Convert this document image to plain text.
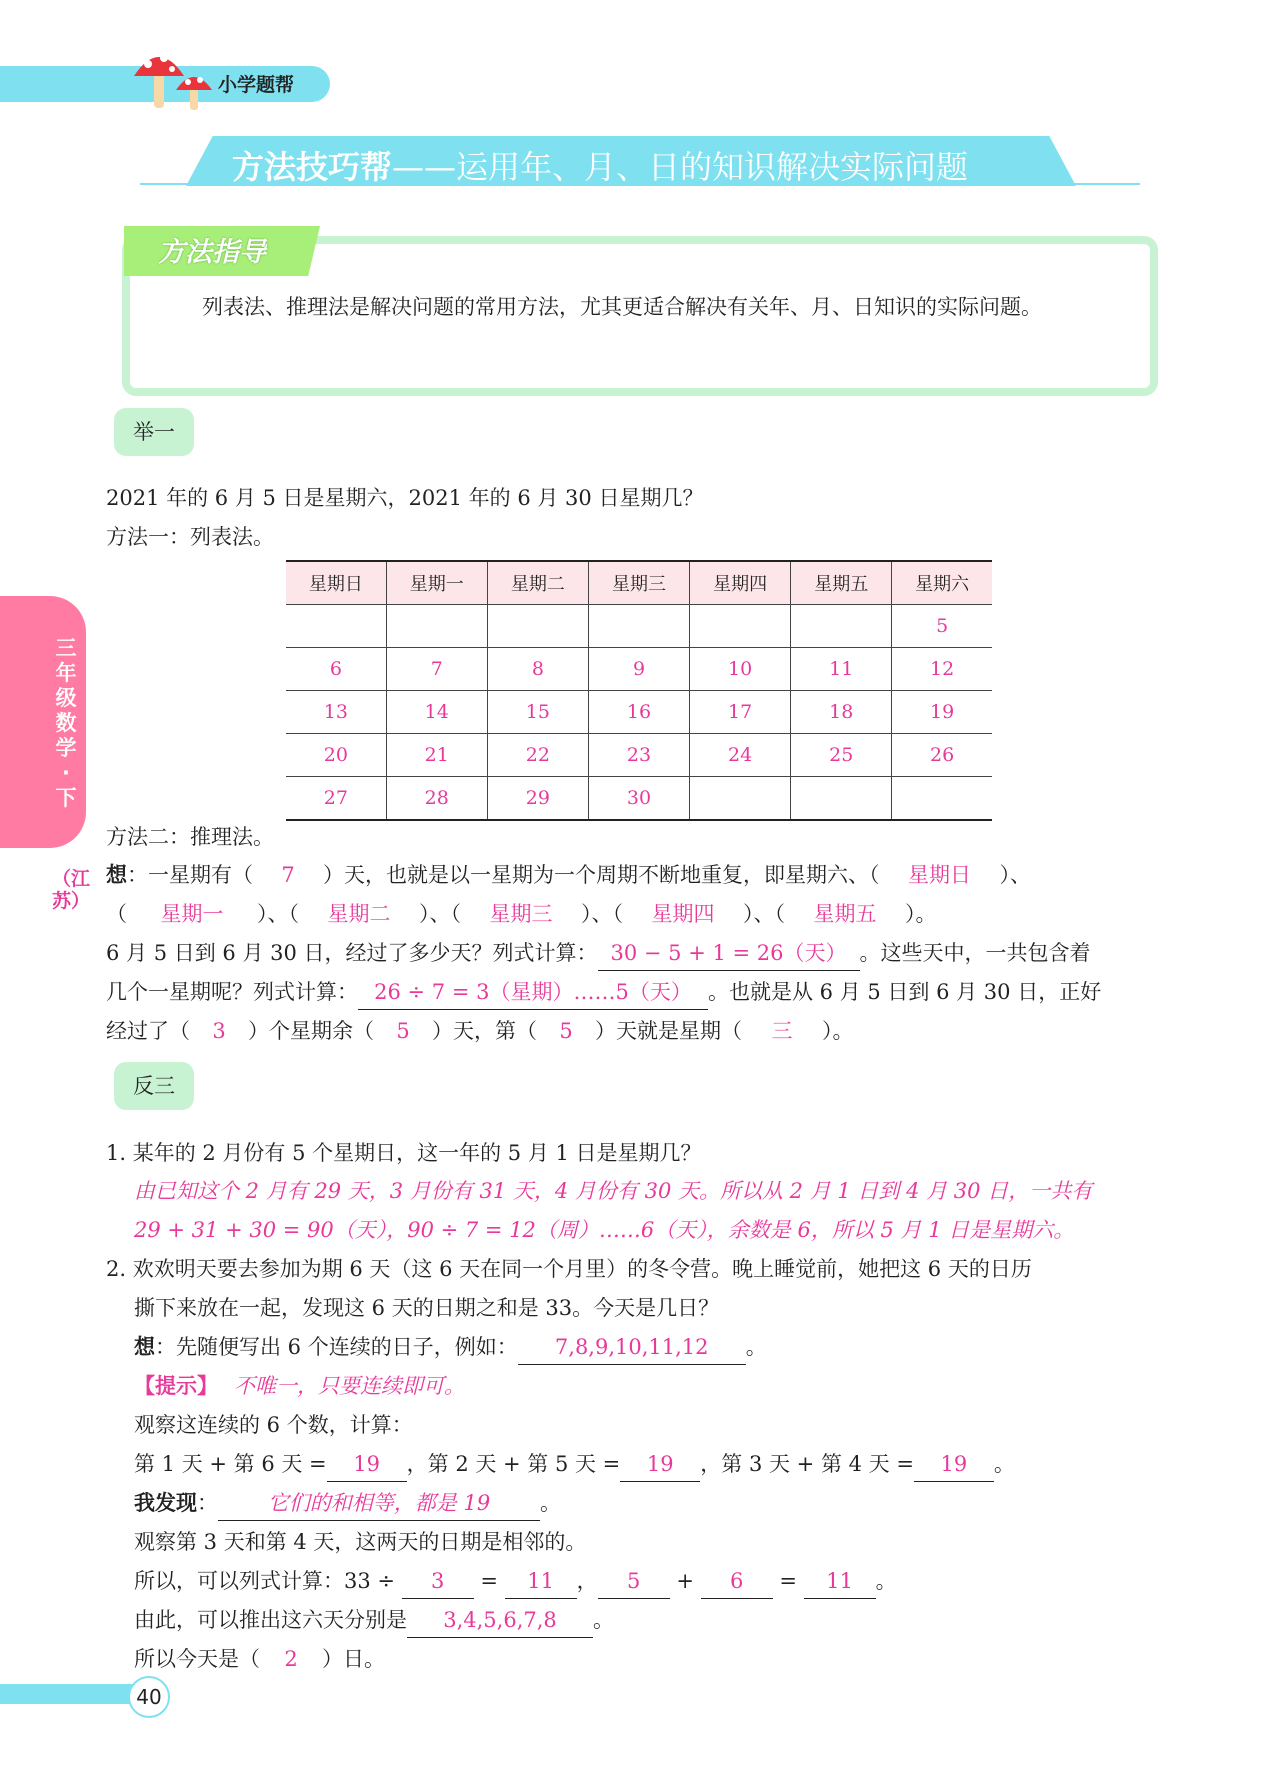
小学题帮
方法技巧帮——运用年、月、日的知识解决实际问题
方法指导
列表法、推理法是解决问题的常用方法，尤其更适合解决有关年、月、日知识的实际问题。
举一
2021 年的 6 月 5 日是星期六，2021 年的 6 月 30 日星期几？
方法一：列表法。
星期日	星期一	星期二	星期三	星期四	星期五	星期六
						5
6	7	8	9	10	11	12
13	14	15	16	17	18	19
20	21	22	23	24	25	26
27	28	29	30			
方法二：推理法。
想：一星期有（ 7 ）天，也就是以一星期为一个周期不断地重复，即星期六、（ 星期日 ）、
（ 星期一 ）、（ 星期二 ）、（ 星期三 ）、（ 星期四 ）、（ 星期五 ）。
6 月 5 日到 6 月 30 日，经过了多少天？列式计算： 30 − 5 + 1 = 26（天） 。这些天中，一共包含着
几个一星期呢？列式计算： 26 ÷ 7 = 3（星期）……5（天） 。也就是从 6 月 5 日到 6 月 30 日，正好
经过了（ 3 ）个星期余（ 5 ）天，第（ 5 ）天就是星期（ 三 ）。
反三
1. 某年的 2 月份有 5 个星期日，这一年的 5 月 1 日是星期几？
由已知这个 2 月有 29 天，3 月份有 31 天，4 月份有 30 天。所以从 2 月 1 日到 4 月 30 日，一共有
29 + 31 + 30 = 90（天），90 ÷ 7 = 12（周）……6（天），余数是 6，所以 5 月 1 日是星期六。
2. 欢欢明天要去参加为期 6 天（这 6 天在同一个月里）的冬令营。晚上睡觉前，她把这 6 天的日历
撕下来放在一起，发现这 6 天的日期之和是 33。今天是几日？
想：先随便写出 6 个连续的日子，例如： 7,8,9,10,11,12 。
【提示】 不唯一，只要连续即可。
观察这连续的 6 个数，计算：
第 1 天 + 第 6 天 = 19 ，第 2 天 + 第 5 天 = 19 ，第 3 天 + 第 4 天 = 19 。
我发现： 它们的和相等，都是 19 。
观察第 3 天和第 4 天，这两天的日期是相邻的。
所以，可以列式计算：33 ÷ 3 = 11 ， 5 + 6 = 11 。
由此，可以推出这六天分别是 3,4,5,6,7,8 。
所以今天是（ 2 ）日。
三年级数学·下
（江苏）
40
